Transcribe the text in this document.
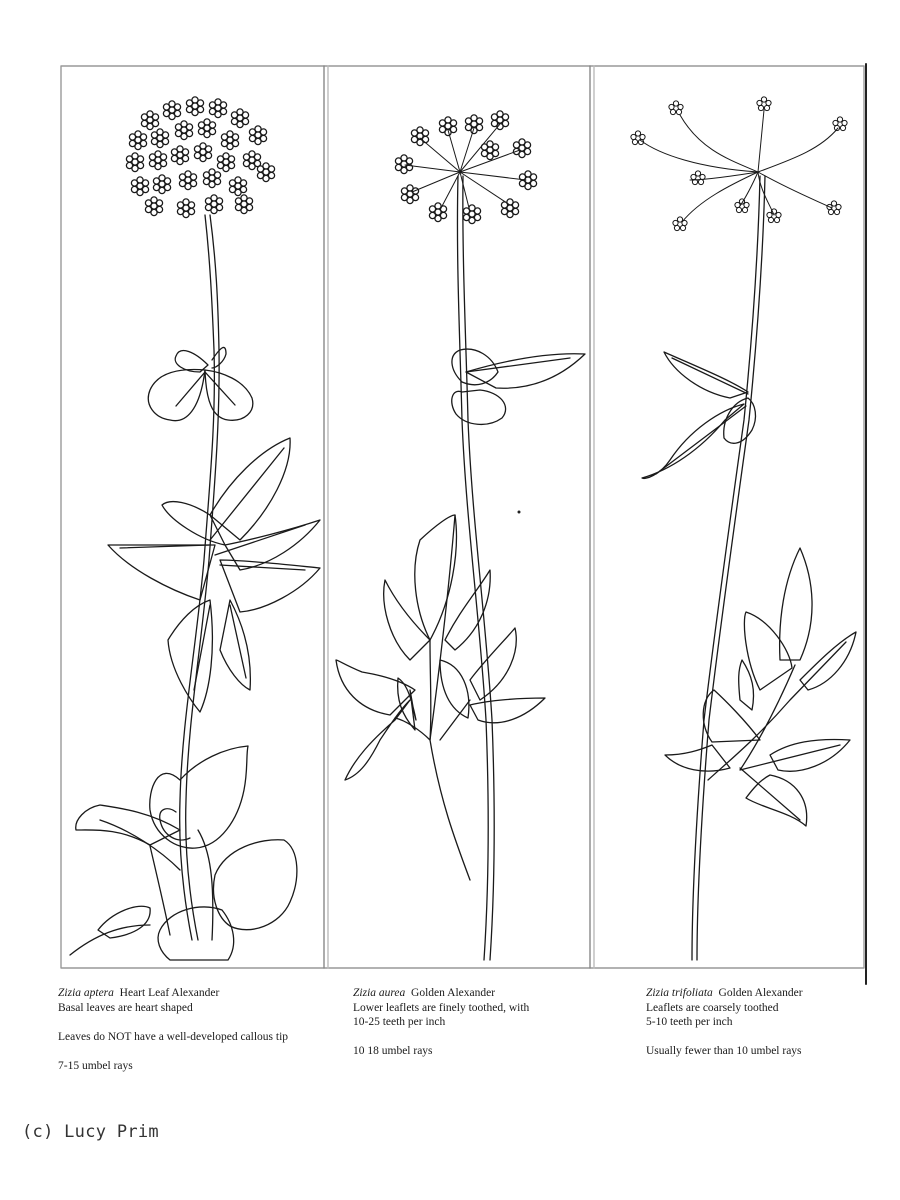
Zizia aptera Heart Leaf Alexander

Basal leaves are heart shaped

Leaves do NOT have a well-developed callous tip

7-15 umbel rays

Zizia aurea Golden Alexander

Lower leaflets are finely toothed, with

10-25 teeth per inch

10 18 umbel rays

Zizia trifoliata Golden Alexander

Leaflets are coarsely toothed

5-10 teeth per inch

Usually fewer than 10 umbel rays

(c) Lucy Prim
